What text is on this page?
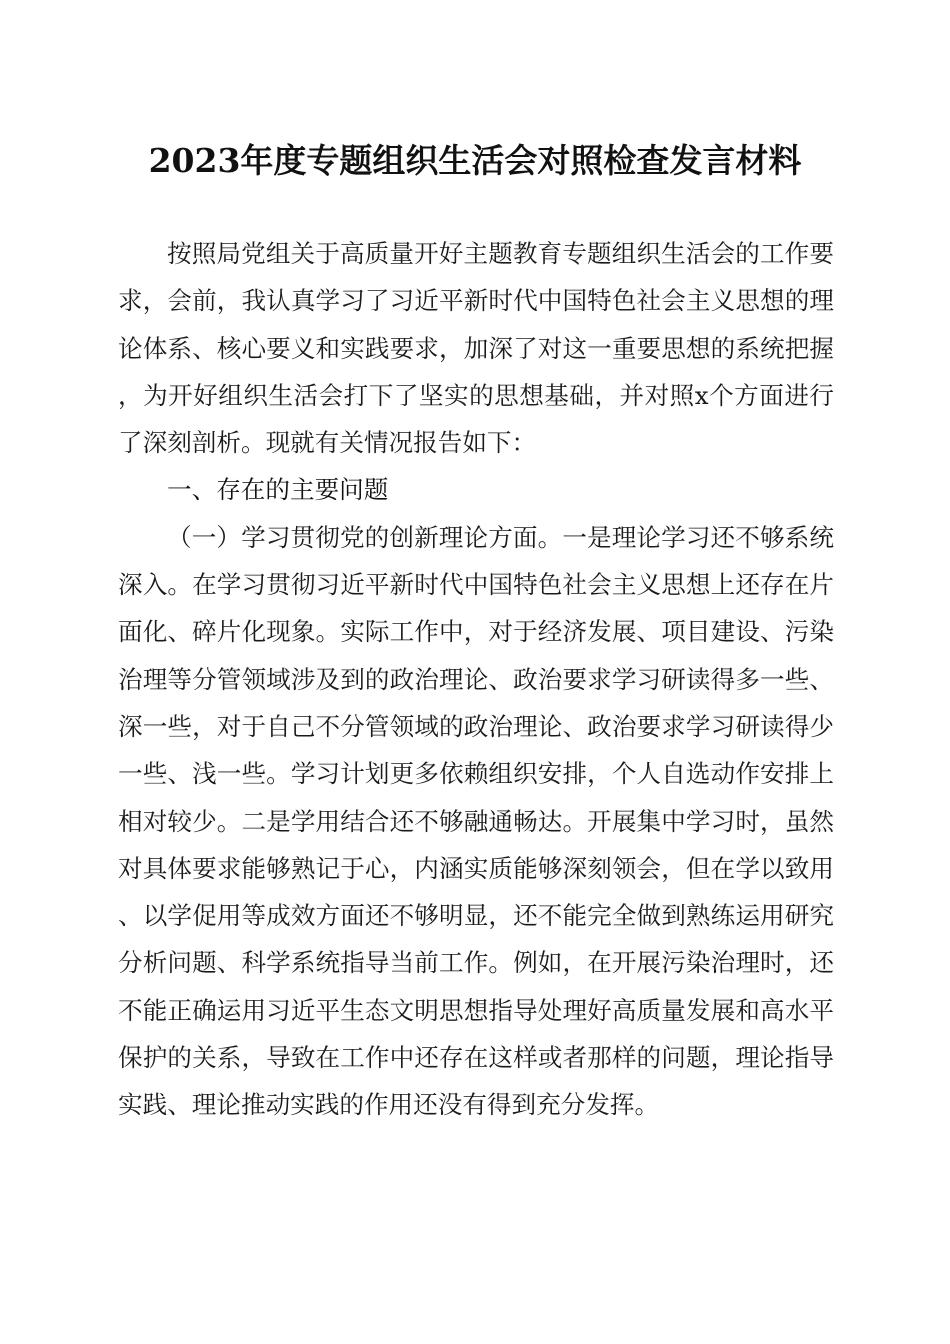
2023年度专题组织生活会对照检查发言材料

按照局党组关于高质量开好主题教育专题组织生活会的工作要求，会前，我认真学习了习近平新时代中国特色社会主义思想的理论体系、核心要义和实践要求，加深了对这一重要思想的系统把握，为开好组织生活会打下了坚实的思想基础，并对照x个方面进行了深刻剖析。现就有关情况报告如下：

一、存在的主要问题

（一）学习贯彻党的创新理论方面。一是理论学习还不够系统深入。在学习贯彻习近平新时代中国特色社会主义思想上还存在片面化、碎片化现象。实际工作中，对于经济发展、项目建设、污染治理等分管领域涉及到的政治理论、政治要求学习研读得多一些、深一些，对于自己不分管领域的政治理论、政治要求学习研读得少一些、浅一些。学习计划更多依赖组织安排，个人自选动作安排上相对较少。二是学用结合还不够融通畅达。开展集中学习时，虽然对具体要求能够熟记于心，内涵实质能够深刻领会，但在学以致用、以学促用等成效方面还不够明显，还不能完全做到熟练运用研究分析问题、科学系统指导当前工作。例如，在开展污染治理时，还不能正确运用习近平生态文明思想指导处理好高质量发展和高水平保护的关系，导致在工作中还存在这样或者那样的问题，理论指导实践、理论推动实践的作用还没有得到充分发挥。
